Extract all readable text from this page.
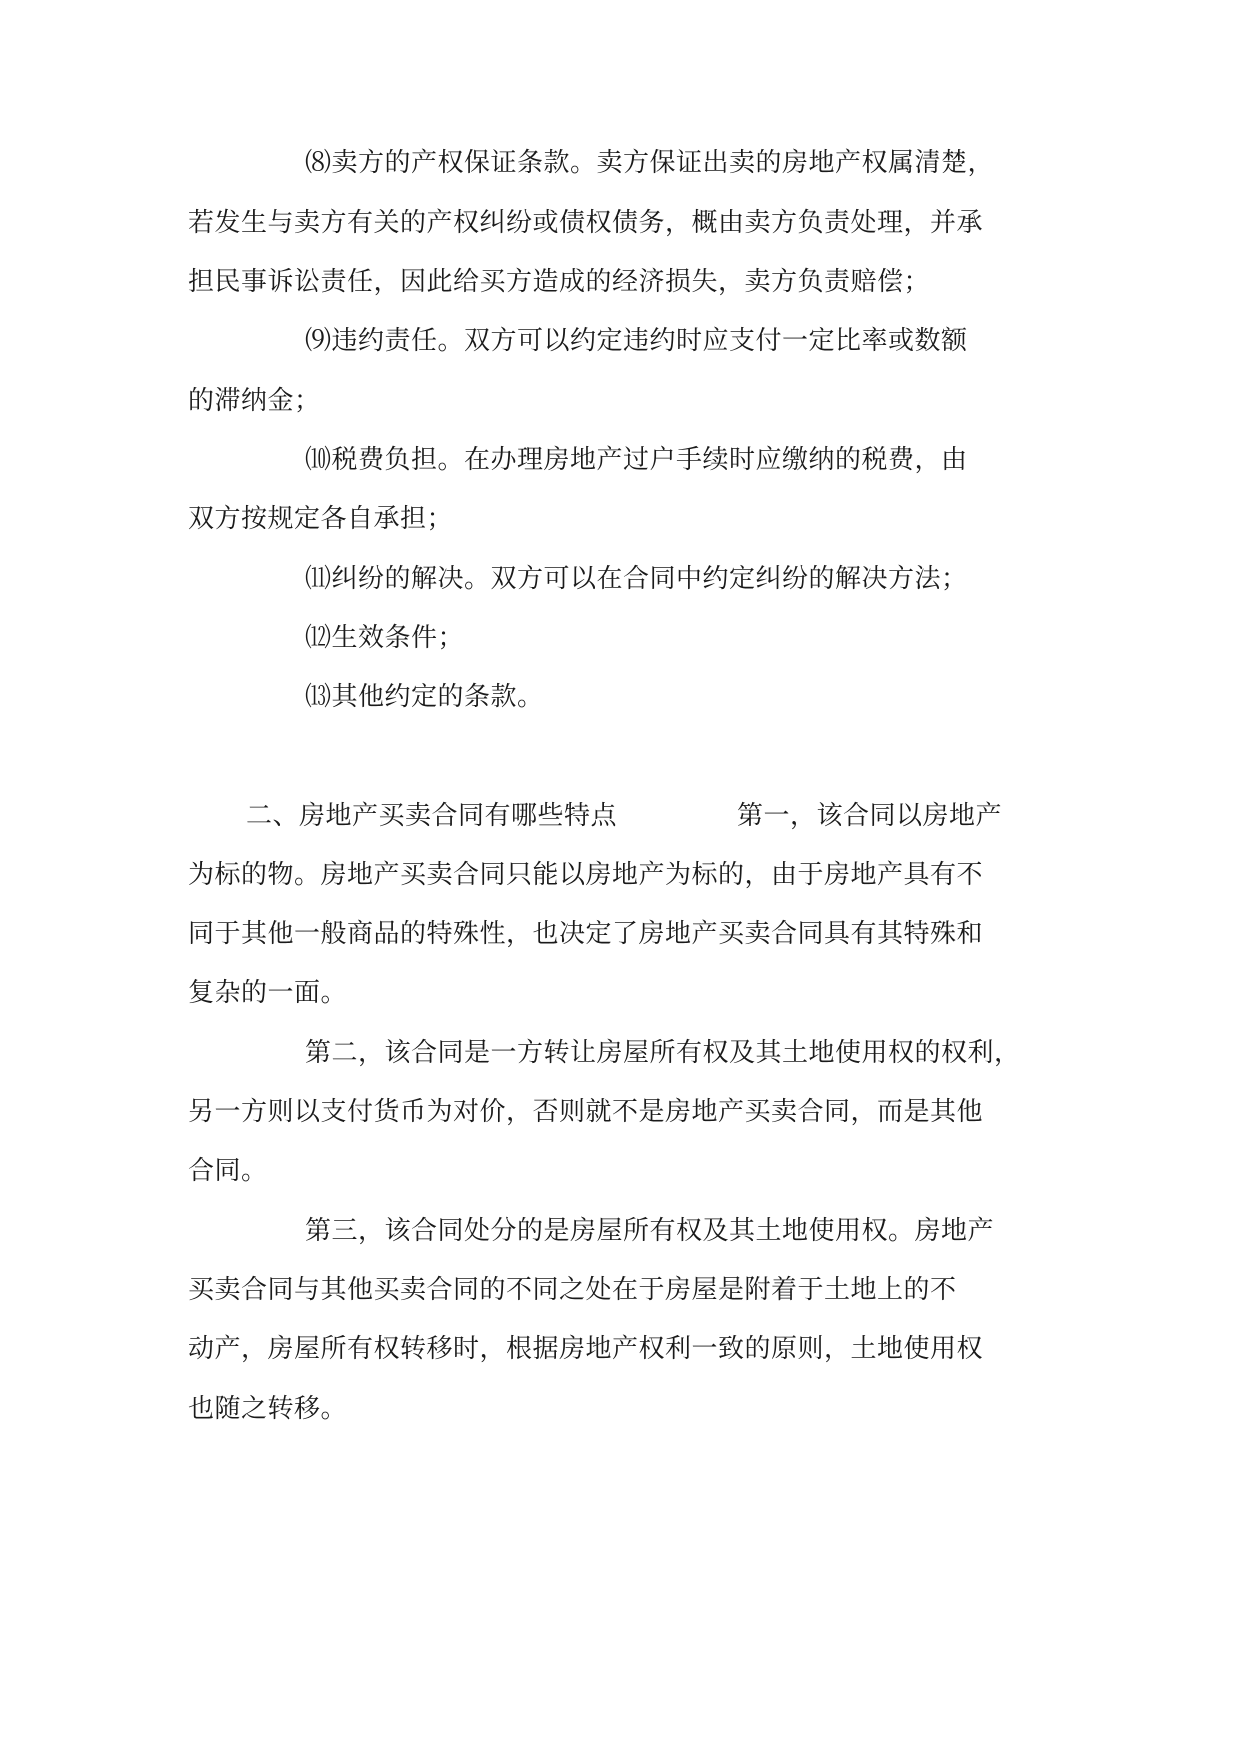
⑻卖方的产权保证条款。卖方保证出卖的房地产权属清楚，

若发生与卖方有关的产权纠纷或债权债务，概由卖方负责处理，并承

担民事诉讼责任，因此给买方造成的经济损失，卖方负责赔偿；

⑼违约责任。双方可以约定违约时应支付一定比率或数额

的滞纳金；

⑽税费负担。在办理房地产过户手续时应缴纳的税费，由

双方按规定各自承担；

⑾纠纷的解决。双方可以在合同中约定纠纷的解决方法；

⑿生效条件；

⒀其他约定的条款。

二、房地产买卖合同有哪些特点	第一，该合同以房地产

为标的物。房地产买卖合同只能以房地产为标的，由于房地产具有不

同于其他一般商品的特殊性，也决定了房地产买卖合同具有其特殊和

复杂的一面。

第二，该合同是一方转让房屋所有权及其土地使用权的权利，

另一方则以支付货币为对价，否则就不是房地产买卖合同，而是其他

合同。

第三，该合同处分的是房屋所有权及其土地使用权。房地产

买卖合同与其他买卖合同的不同之处在于房屋是附着于土地上的不

动产，房屋所有权转移时，根据房地产权利一致的原则，土地使用权

也随之转移。
